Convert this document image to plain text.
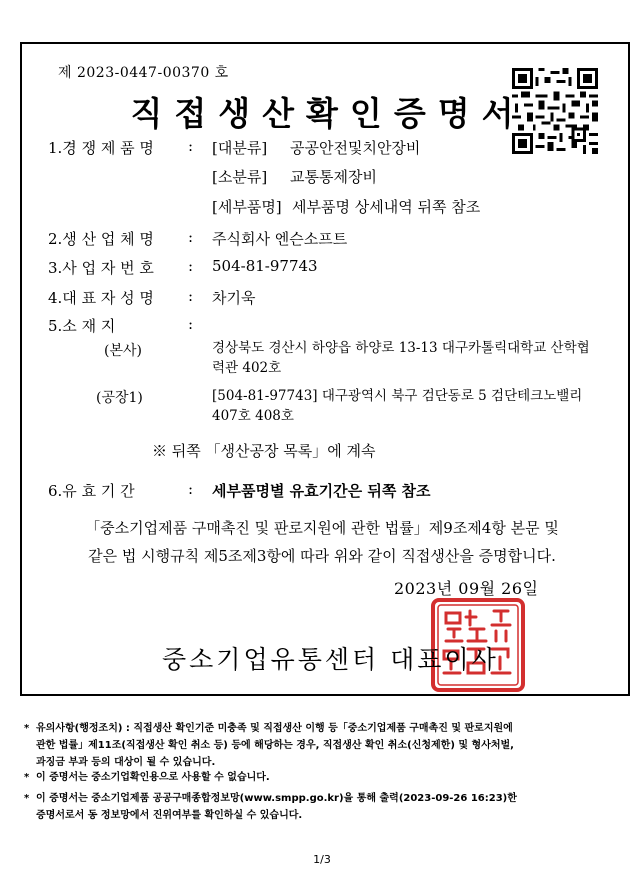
제 2023-0447-00370 호
직접생산확인증명서
1.경 쟁 제 품 명 : [대분류] 공공안전및치안장비
[소분류] 교통통제장비
[세부품명] 세부품명 상세내역 뒤쪽 참조
2.생 산 업 체 명 : 주식회사 엔슨소프트
3.사 업 자 번 호 : 504-81-97743
4.대 표 자 성 명 : 차기욱
5.소 재 지	:
(본사)	경상북도 경산시 하양읍 하양로 13-13 대구카톨릭대학교 산학협
력관 402호
(공장1)	[504-81-97743] 대구광역시 북구 검단동로 5 검단테크노밸리
407호 408호
※ 뒤쪽 「생산공장 목록」에 계속
6.유 효 기 간	: 세부품명별 유효기간은 뒤쪽 참조
「중소기업제품 구매촉진 및 판로지원에 관한 법률」제9조제4항 본문 및
같은 법 시행규칙 제5조제3항에 따라 위와 같이 직접생산을 증명합니다.
2023년 09월 26일
중소기업유통센터 대표이사
* 유의사항(행정조치) : 직접생산 확인기준 미충족 및 직접생산 이행 등「중소기업제품 구매촉진 및 판로지원에
관한 법률」제11조(직접생산 확인 취소 등) 등에 해당하는 경우, 직접생산 확인 취소(신청제한) 및 형사처벌,
과징금 부과 등의 대상이 될 수 있습니다.
* 이 증명서는 중소기업확인용으로 사용할 수 없습니다.
* 이 증명서는 중소기업제품 공공구매종합정보망(www.smpp.go.kr)을 통해 출력(2023-09-26 16:23)한
증명서로서 동 정보망에서 진위여부를 확인하실 수 있습니다.
1/3
